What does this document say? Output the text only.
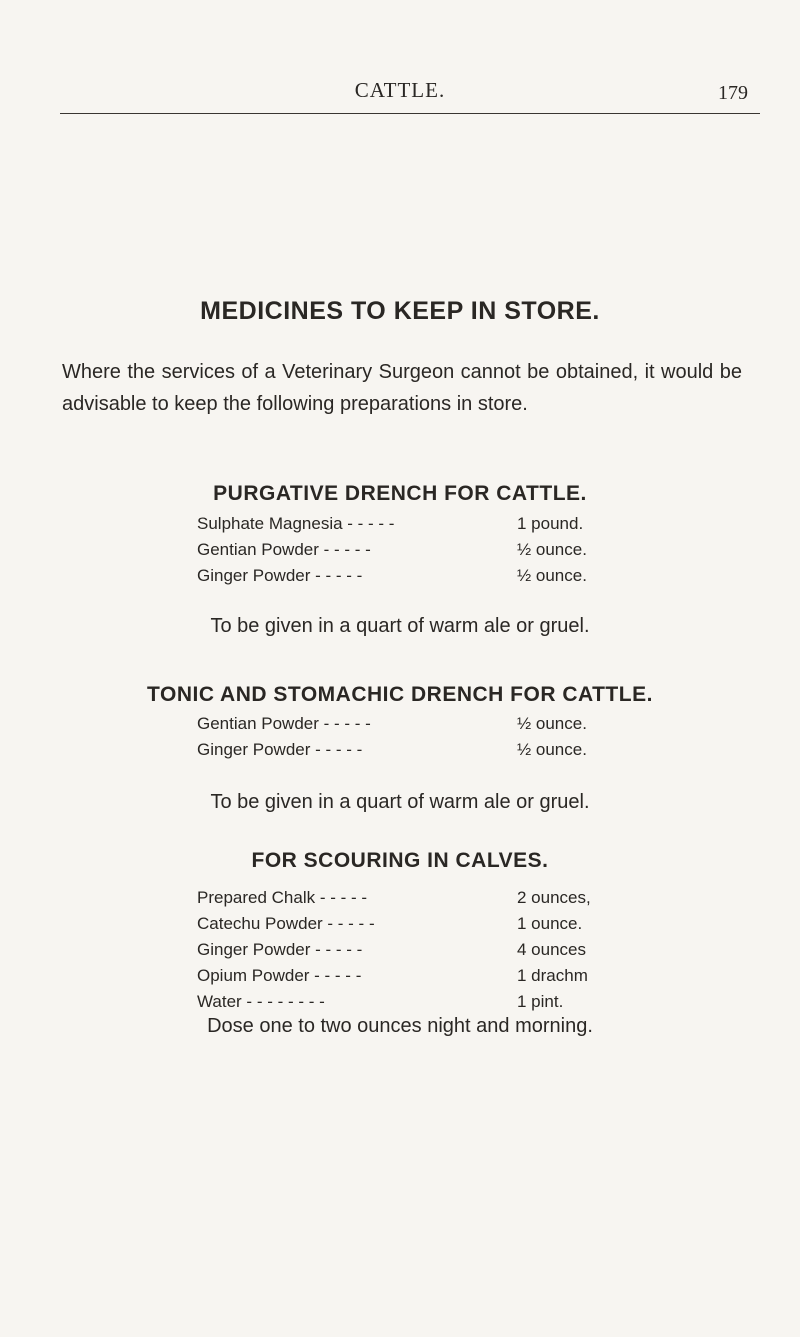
CATTLE.	179
MEDICINES TO KEEP IN STORE.
Where the services of a Veterinary Surgeon cannot be obtained, it would be advisable to keep the following preparations in store.
PURGATIVE DRENCH FOR CATTLE.
Sulphate Magnesia - - - - -	1 pound.
Gentian Powder - - - - -	½ ounce.
Ginger Powder - - - - -	½ ounce.
To be given in a quart of warm ale or gruel.
TONIC AND STOMACHIC DRENCH FOR CATTLE.
Gentian Powder - - - - -	½ ounce.
Ginger Powder - - - - -	½ ounce.
To be given in a quart of warm ale or gruel.
FOR SCOURING IN CALVES.
Prepared Chalk - - - - -	2 ounces,
Catechu Powder - - - - -	1 ounce.
Ginger Powder - - - - -	4 ounces
Opium Powder - - - - -	1 drachm
Water - - - - - - - -	1 pint.
Dose one to two ounces night and morning.
